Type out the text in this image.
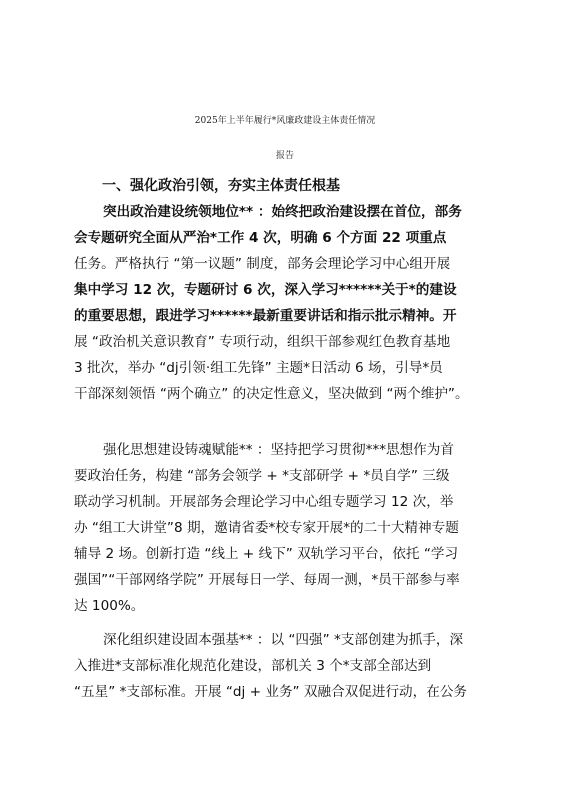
2025年上半年履行*风廉政建设主体责任情况
报告
一、强化政治引领，夯实主体责任根基
突出政治建设统领地位** ：始终把政治建设摆在首位，部务
会专题研究全面从严治*工作 4 次，明确 6 个方面 22 项重点
任务。严格执行 “第一议题” 制度，部务会理论学习中心组开展
集中学习 12 次，专题研讨 6 次，深入学习******关于*的建设
的重要思想，跟进学习******最新重要讲话和指示批示精神。开
展 “政治机关意识教育” 专项行动，组织干部参观红色教育基地
3 批次，举办 “dj引领·组工先锋” 主题*日活动 6 场，引导*员
干部深刻领悟 “两个确立” 的决定性意义，坚决做到 “两个维护”。
强化思想建设铸魂赋能** ：坚持把学习贯彻***思想作为首
要政治任务，构建 “部务会领学 + *支部研学 + *员自学” 三级
联动学习机制。开展部务会理论学习中心组专题学习 12 次，举
办 “组工大讲堂”8 期，邀请省委*校专家开展*的二十大精神专题
辅导 2 场。创新打造 “线上 + 线下” 双轨学习平台，依托 “学习
强国”“干部网络学院” 开展每日一学、每周一测，*员干部参与率
达 100%。
深化组织建设固本强基** ：以 “四强” *支部创建为抓手，深
入推进*支部标准化规范化建设，部机关 3 个*支部全部达到
“五星” *支部标准。开展 “dj + 业务” 双融合双促进行动，在公务
